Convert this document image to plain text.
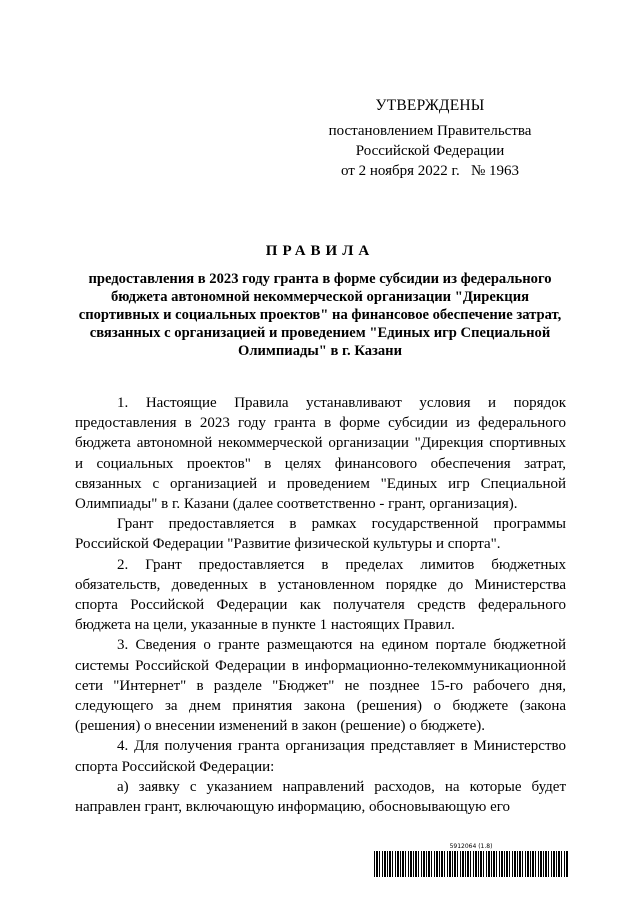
УТВЕРЖДЕНЫ
постановлением Правительства
Российской Федерации
от 2 ноября 2022 г.   № 1963
ПРАВИЛА
предоставления в 2023 году гранта в форме субсидии из федерального бюджета автономной некоммерческой организации "Дирекция спортивных и социальных проектов" на финансовое обеспечение затрат, связанных с организацией и проведением "Единых игр Специальной Олимпиады" в г. Казани

1. Настоящие Правила устанавливают условия и порядок предоставления в 2023 году гранта в форме субсидии из федерального бюджета автономной некоммерческой организации "Дирекция спортивных и социальных проектов" в целях финансового обеспечения затрат, связанных с организацией и проведением "Единых игр Специальной Олимпиады" в г. Казани (далее соответственно - грант, организация).

Грант предоставляется в рамках государственной программы Российской Федерации "Развитие физической культуры и спорта".

2. Грант предоставляется в пределах лимитов бюджетных обязательств, доведенных в установленном порядке до Министерства спорта Российской Федерации как получателя средств федерального бюджета на цели, указанные в пункте 1 настоящих Правил.

3. Сведения о гранте размещаются на едином портале бюджетной системы Российской Федерации в информационно-телекоммуникационной сети "Интернет" в разделе "Бюджет" не позднее 15-го рабочего дня, следующего за днем принятия закона (решения) о бюджете (закона (решения) о внесении изменений в закон (решение) о бюджете).

4. Для получения гранта организация представляет в Министерство спорта Российской Федерации:

а) заявку с указанием направлений расходов, на которые будет направлен грант, включающую информацию, обосновывающую его

5912064 (1.8)
